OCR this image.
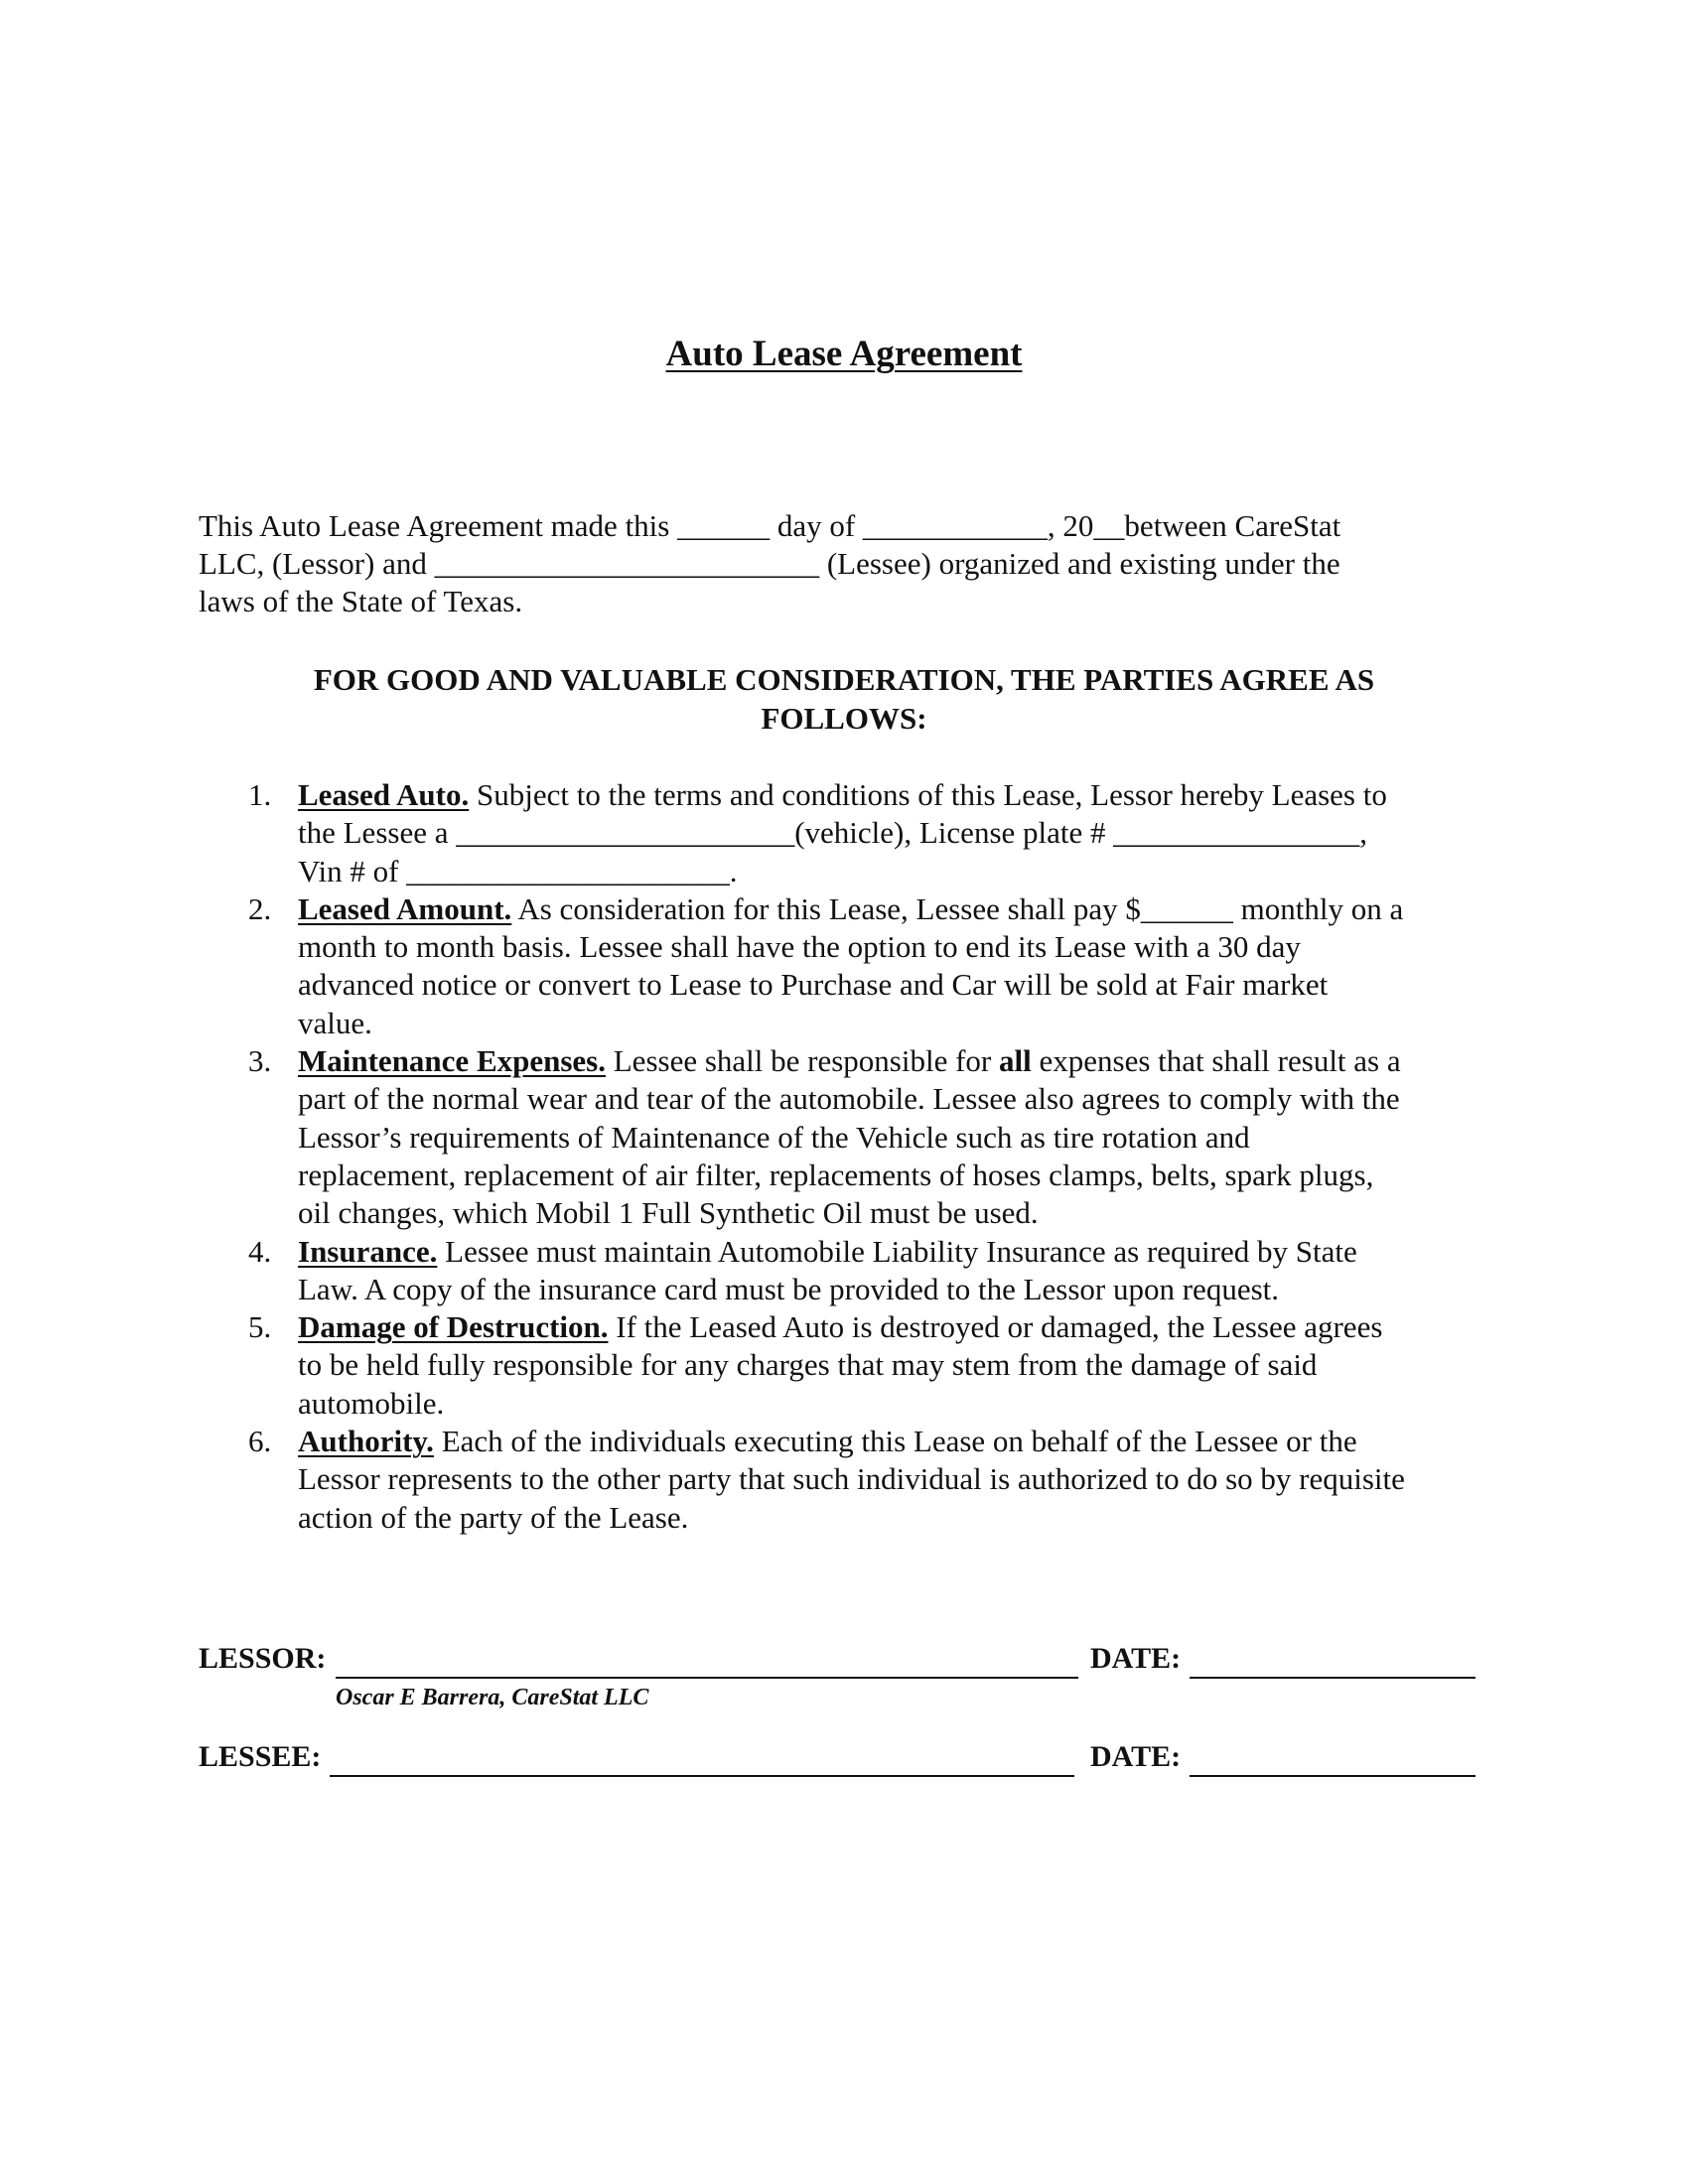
Auto Lease Agreement

This Auto Lease Agreement made this ______ day of ____________, 20__between CareStat
LLC, (Lessor) and _________________________ (Lessee) organized and existing under the
laws of the State of Texas.

FOR GOOD AND VALUABLE CONSIDERATION, THE PARTIES AGREE AS
FOLLOWS:

1. Leased Auto. Subject to the terms and conditions of this Lease, Lessor hereby Leases to
the Lessee a ______________________(vehicle), License plate # ________________,
Vin # of _____________________.
2. Leased Amount. As consideration for this Lease, Lessee shall pay $______ monthly on a
month to month basis. Lessee shall have the option to end its Lease with a 30 day
advanced notice or convert to Lease to Purchase and Car will be sold at Fair market
value.
3. Maintenance Expenses. Lessee shall be responsible for all expenses that shall result as a
part of the normal wear and tear of the automobile. Lessee also agrees to comply with the
Lessor’s requirements of Maintenance of the Vehicle such as tire rotation and
replacement, replacement of air filter, replacements of hoses clamps, belts, spark plugs,
oil changes, which Mobil 1 Full Synthetic Oil must be used.
4. Insurance. Lessee must maintain Automobile Liability Insurance as required by State
Law. A copy of the insurance card must be provided to the Lessor upon request.
5. Damage of Destruction. If the Leased Auto is destroyed or damaged, the Lessee agrees
to be held fully responsible for any charges that may stem from the damage of said
automobile.
6. Authority. Each of the individuals executing this Lease on behalf of the Lessee or the
Lessor represents to the other party that such individual is authorized to do so by requisite
action of the party of the Lease.

LESSOR:	DATE:

Oscar E Barrera, CareStat LLC

LESSEE:	DATE:
